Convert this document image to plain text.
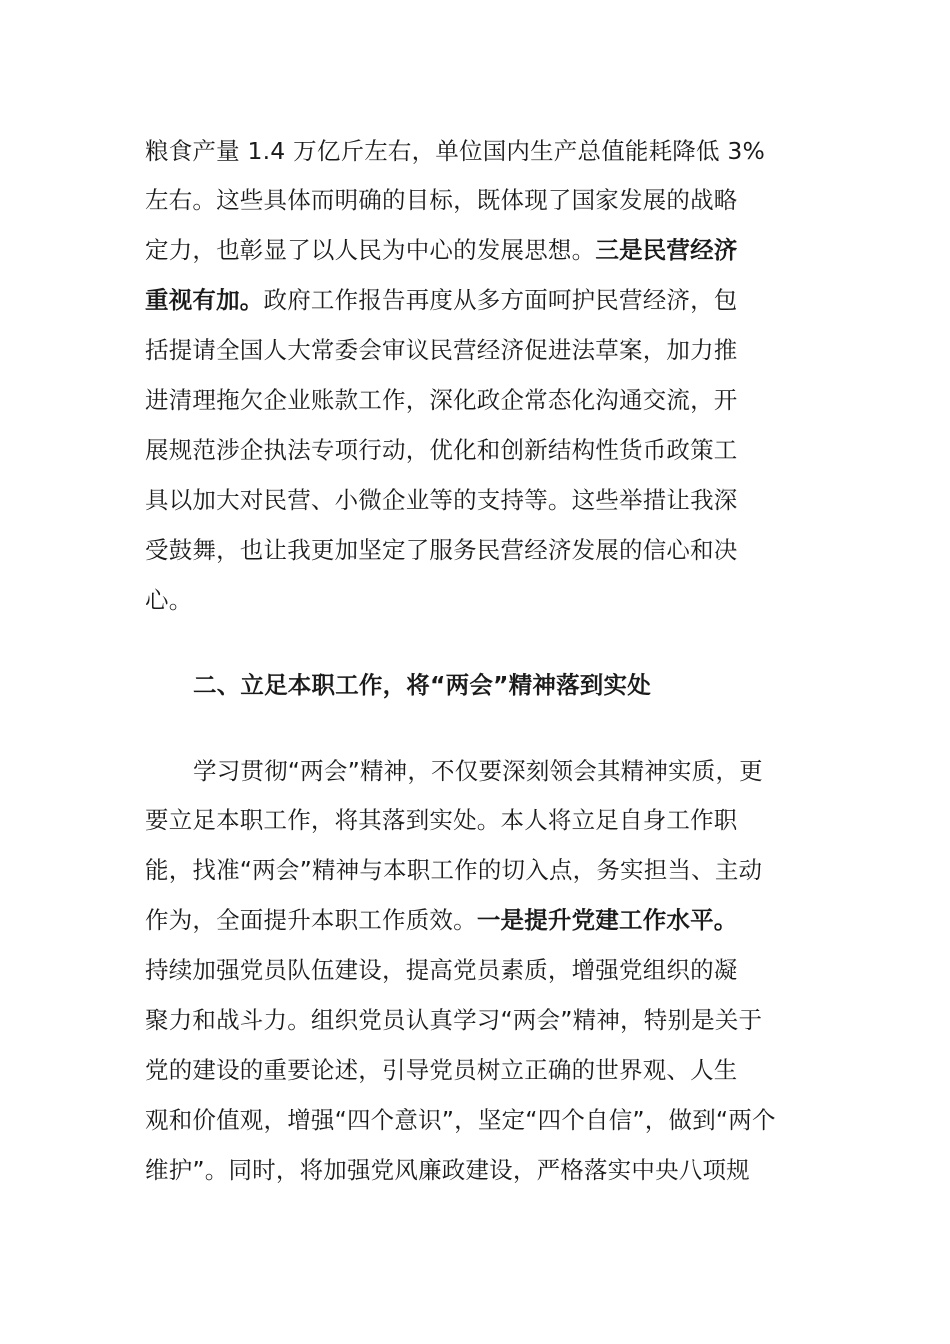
粮食产量 1.4 万亿斤左右，单位国内生产总值能耗降低 3%
左右。这些具体而明确的目标，既体现了国家发展的战略
定力，也彰显了以人民为中心的发展思想。三是民营经济
重视有加。政府工作报告再度从多方面呵护民营经济，包
括提请全国人大常委会审议民营经济促进法草案，加力推
进清理拖欠企业账款工作，深化政企常态化沟通交流，开
展规范涉企执法专项行动，优化和创新结构性货币政策工
具以加大对民营、小微企业等的支持等。这些举措让我深
受鼓舞，也让我更加坚定了服务民营经济发展的信心和决
心。
二、立足本职工作，将“两会”精神落到实处
学习贯彻“两会”精神，不仅要深刻领会其精神实质，更
要立足本职工作，将其落到实处。本人将立足自身工作职
能，找准“两会”精神与本职工作的切入点，务实担当、主动
作为，全面提升本职工作质效。一是提升党建工作水平。
持续加强党员队伍建设，提高党员素质，增强党组织的凝
聚力和战斗力。组织党员认真学习“两会”精神，特别是关于
党的建设的重要论述，引导党员树立正确的世界观、人生
观和价值观，增强“四个意识”，坚定“四个自信”，做到“两个
维护”。同时，将加强党风廉政建设，严格落实中央八项规
